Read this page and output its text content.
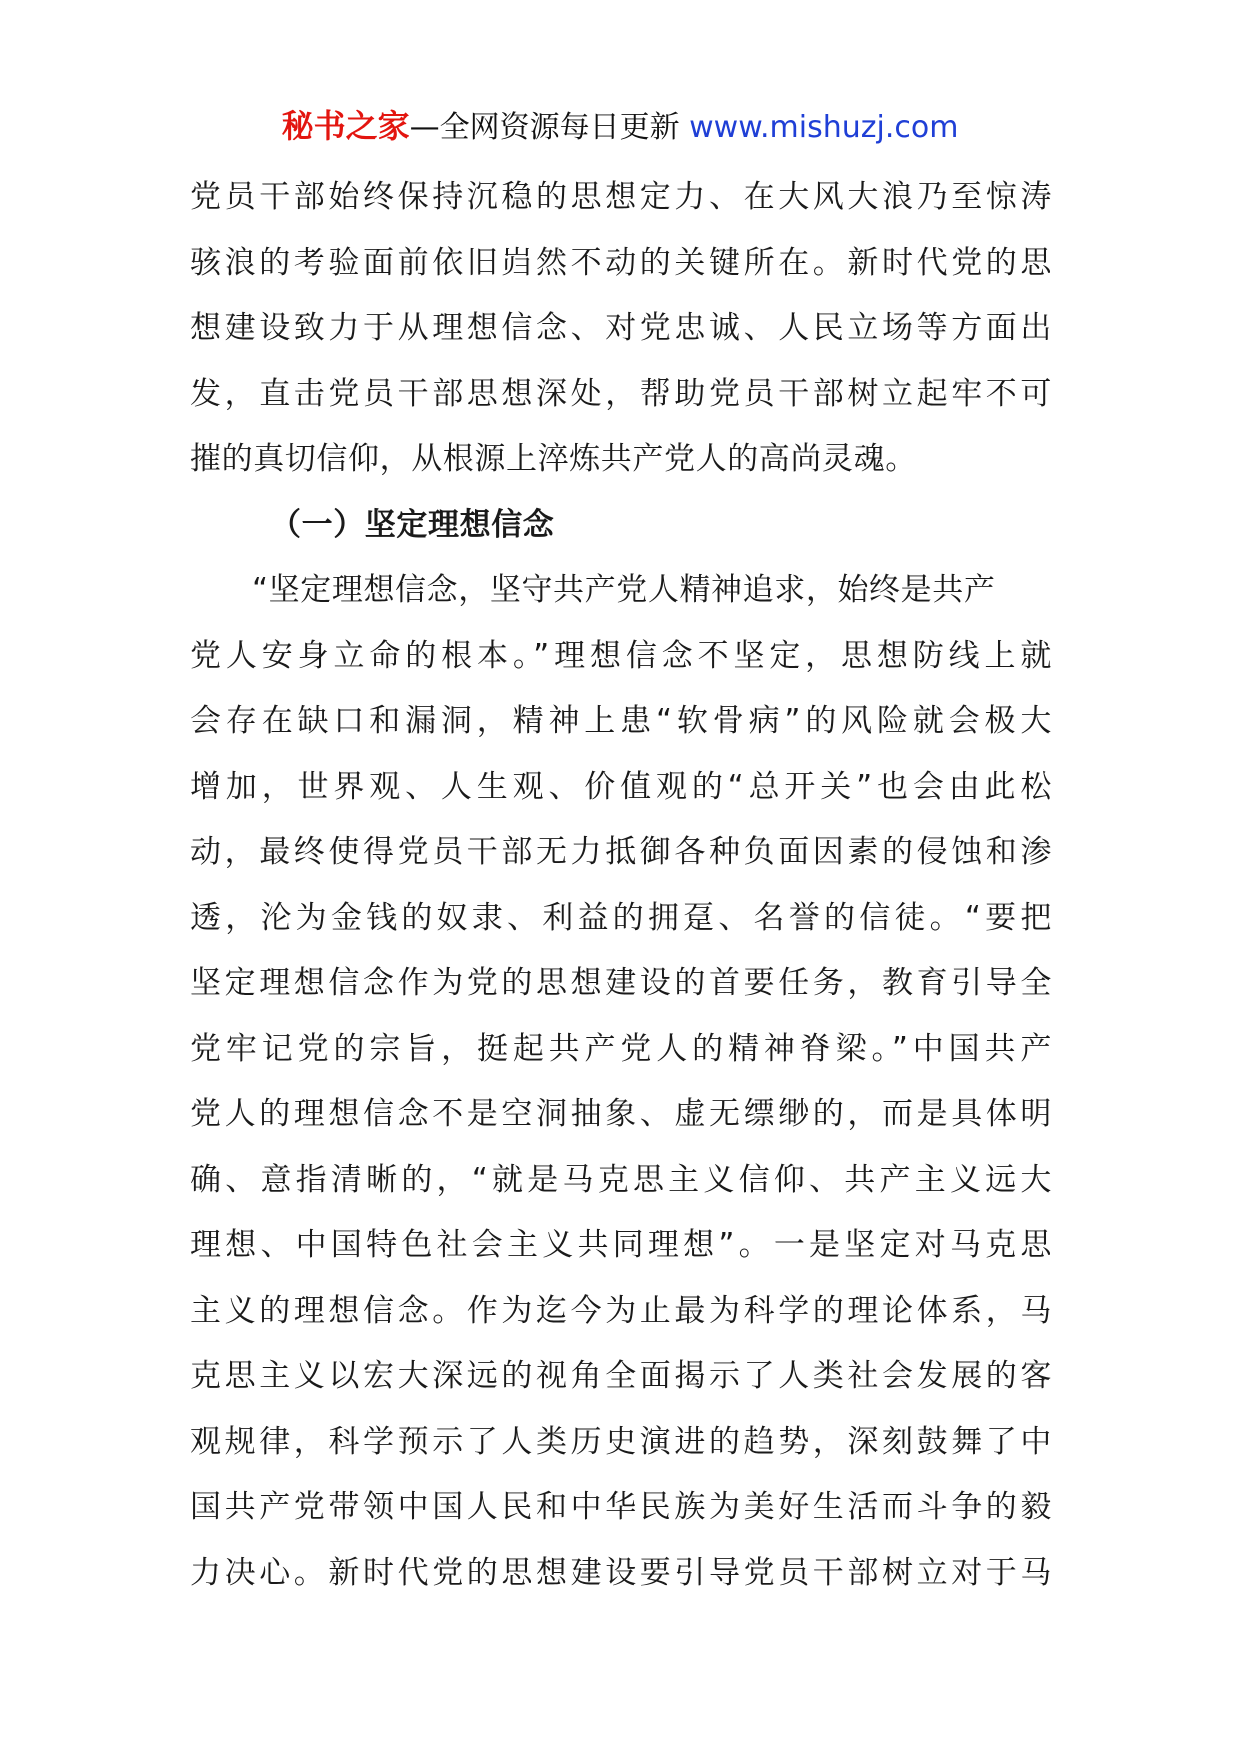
秘书之家—全网资源每日更新 www.mishuzj.com
党员干部始终保持沉稳的思想定力、在大风大浪乃至惊涛
骇浪的考验面前依旧岿然不动的关键所在。新时代党的思
想建设致力于从理想信念、对党忠诚、人民立场等方面出
发，直击党员干部思想深处，帮助党员干部树立起牢不可
摧的真切信仰，从根源上淬炼共产党人的高尚灵魂。
（一）坚定理想信念
“坚定理想信念，坚守共产党人精神追求，始终是共产
党人安身立命的根本。”理想信念不坚定，思想防线上就
会存在缺口和漏洞，精神上患“软骨病”的风险就会极大
增加，世界观、人生观、价值观的“总开关”也会由此松
动，最终使得党员干部无力抵御各种负面因素的侵蚀和渗
透，沦为金钱的奴隶、利益的拥趸、名誉的信徒。“要把
坚定理想信念作为党的思想建设的首要任务，教育引导全
党牢记党的宗旨，挺起共产党人的精神脊梁。”中国共产
党人的理想信念不是空洞抽象、虚无缥缈的，而是具体明
确、意指清晰的，“就是马克思主义信仰、共产主义远大
理想、中国特色社会主义共同理想”。一是坚定对马克思
主义的理想信念。作为迄今为止最为科学的理论体系，马
克思主义以宏大深远的视角全面揭示了人类社会发展的客
观规律，科学预示了人类历史演进的趋势，深刻鼓舞了中
国共产党带领中国人民和中华民族为美好生活而斗争的毅
力决心。新时代党的思想建设要引导党员干部树立对于马
